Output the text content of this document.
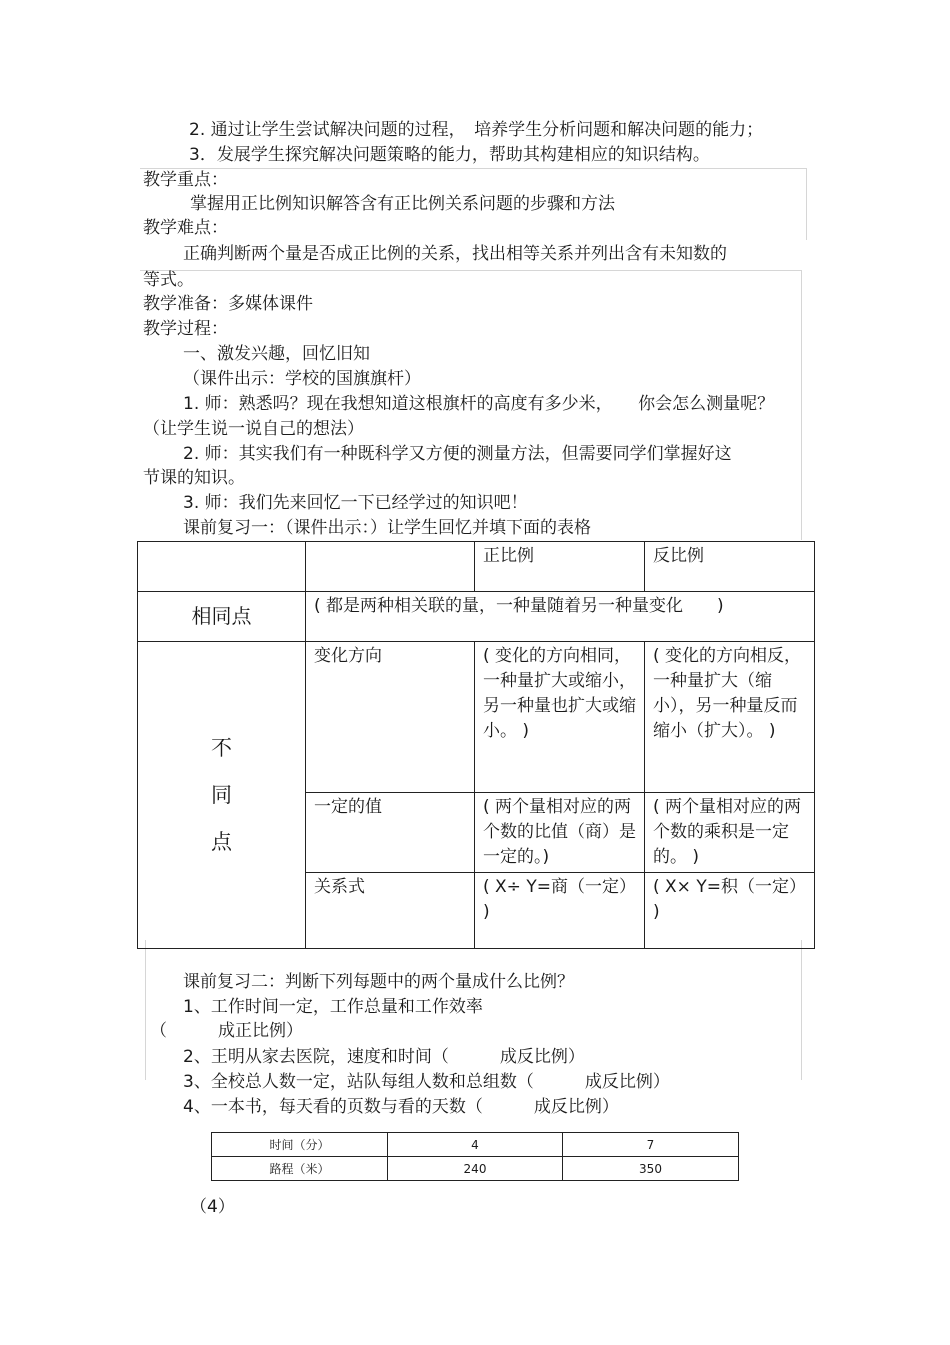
2. 通过让学生尝试解决问题的过程，　培养学生分析问题和解决问题的能力；
3．发展学生探究解决问题策略的能力，帮助其构建相应的知识结构。
教学重点：
掌握用正比例知识解答含有正比例关系问题的步骤和方法
教学难点：
正确判断两个量是否成正比例的关系，找出相等关系并列出含有未知数的
等式。
教学准备：多媒体课件
教学过程：
一、激发兴趣，回忆旧知
（课件出示：学校的国旗旗杆）
1. 师：熟悉吗？现在我想知道这根旗杆的高度有多少米，　　你会怎么测量呢？
（让学生说一说自己的想法）
2. 师：其实我们有一种既科学又方便的测量方法，但需要同学们掌握好这
节课的知识。
3. 师：我们先来回忆一下已经学过的知识吧！
课前复习一：（课件出示：）让学生回忆并填下面的表格
		正比例	反比例
相同点	( 都是两种相关联的量，一种量随着另一种量变化　　)		

不
同
点	变化方向	( 变化的方向相同，一种量扩大或缩小，另一种量也扩大或缩小。 )	( 变化的方向相反，一种量扩大（缩小），另一种量反而缩小（扩大）。 )
	一定的值	( 两个量相对应的两个数的比值（商）是一定的。)	( 两个量相对应的两个数的乘积是一定的。 )
	关系式	( X÷ Y=商（一定） )	( X× Y=积（一定） )
课前复习二：判断下列每题中的两个量成什么比例？
1、工作时间一定，工作总量和工作效率
（　　　成正比例）
2、王明从家去医院，速度和时间（　　　成反比例）
3、全校总人数一定，站队每组人数和总组数（　　　成反比例）
4、一本书，每天看的页数与看的天数（　　　成反比例）
时间（分）	4	7
路程（米）	240	350
（4）
